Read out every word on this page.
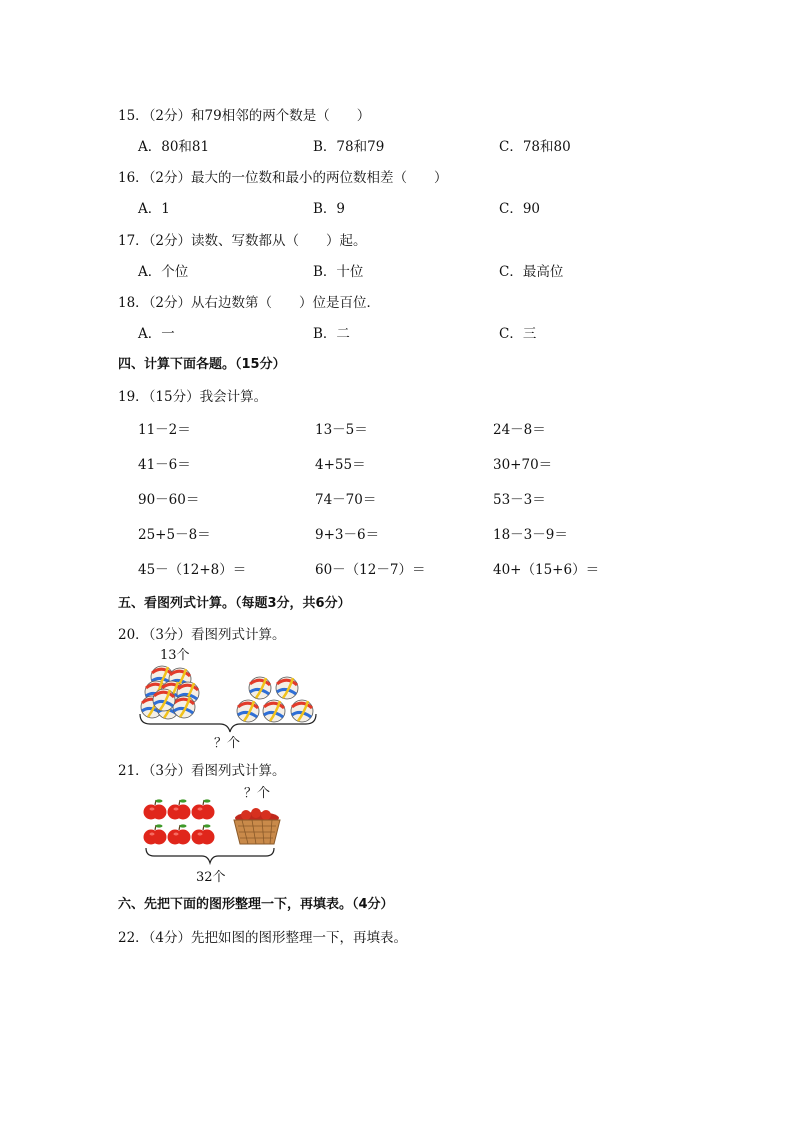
15．（2分）和79相邻的两个数是（　　）
A．80和81	B．78和79	C．78和80
16．（2分）最大的一位数和最小的两位数相差（　　）
A．1	B．9	C．90
17．（2分）读数、写数都从（　　）起。
A．个位	B．十位	C．最高位
18．（2分）从右边数第（　　）位是百位．
A．一	B．二	C．三
四、计算下面各题。（15分）
19．（15分）我会计算。
11－2＝	13－5＝	24－8＝
41－6＝	4+55＝	30+70＝
90－60＝	74－70＝	53－3＝
25+5－8＝	9+3－6＝	18－3－9＝
45－（12+8）＝	60－（12－7）＝	40+（15+6）＝
五、看图列式计算。（每题3分，共6分）
20．（3分）看图列式计算。
13个
？个
21．（3分）看图列式计算。
？个
32个
六、先把下面的图形整理一下，再填表。（4分）
22．（4分）先把如图的图形整理一下，再填表。
